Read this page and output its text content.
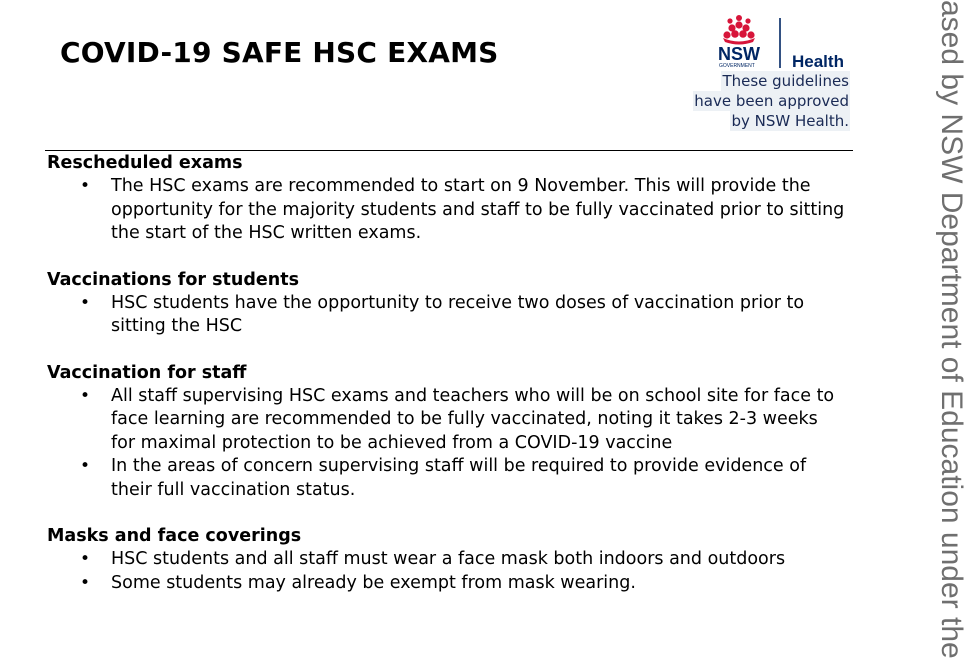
COVID-19 SAFE HSC EXAMS	NSW
GOVERNMENT Health
These guidelines
have been approved
by NSW Health.
Rescheduled exams
• The HSC exams are recommended to start on 9 November. This will provide the opportunity for the majority students and staff to be fully vaccinated prior to sitting the start of the HSC written exams.
Vaccinations for students
• HSC students have the opportunity to receive two doses of vaccination prior to sitting the HSC
Vaccination for staff
• All staff supervising HSC exams and teachers who will be on school site for face to face learning are recommended to be fully vaccinated, noting it takes 2-3 weeks for maximal protection to be achieved from a COVID-19 vaccine
• In the areas of concern supervising staff will be required to provide evidence of their full vaccination status.
Masks and face coverings
• HSC students and all staff must wear a face mask both indoors and outdoors
• Some students may already be exempt from mask wearing.	ased by NSW Department of Education under the
